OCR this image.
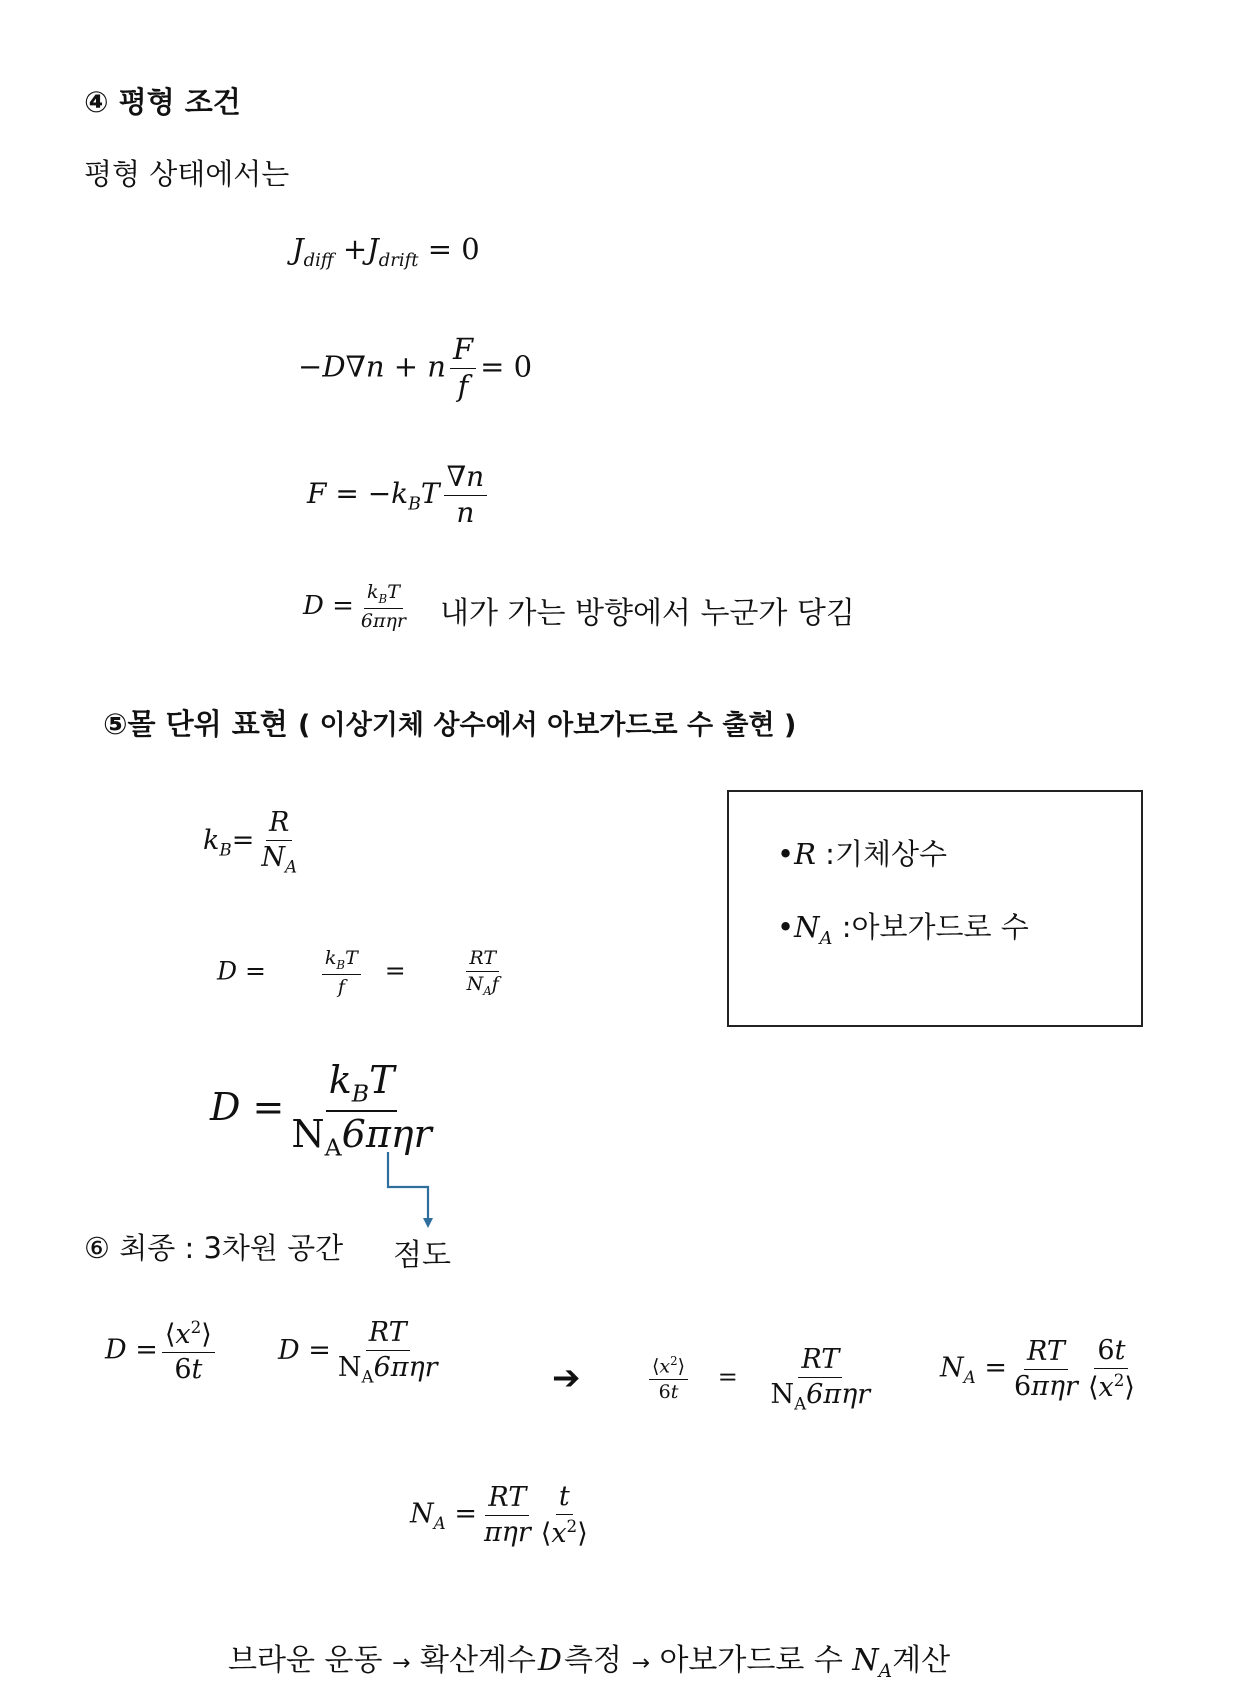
④ 평형 조건
평형 상태에서는
$J_{diff} +J_{drift} = 0$
−D∇n + n $\frac{F}{f} = 0$
$F = -k_BT \frac{\nabla n}{n}$
$D = \frac{k_BT}{\text{6πηr}}$ 내가 가는 방향에서 누군가 당김
⑤몰 단위 표현 ( 이상기체 상수에서 아보가드로 수 출현 )
$k_B= \frac{R}{N_A}$
D =	$\frac{k_BT}{f}$ =	$\frac{RT}{N_Af}$
•R :기체상수
$•N_A$ :아보가드로 수
$D = \frac{k_BT}{N_A6\pi\eta r}$
⑥ 최종 : 3차원 공간 점도
$D = \frac{⟨x^2⟩}{6t}$ $D = \frac{RT}{N_A6\pi\eta r}$	➔	$\frac{⟨x^2⟩}{6t} = \frac{RT}{N_A6\pi\eta r} N_A = \frac{RT}{\text{6πηr}} \frac{6t}{⟨x^2⟩}$
$N_A = \frac{RT}{\text{πηr}} \frac{t}{⟨x^2⟩}$
브라운 운동 → 확산계수D측정 → 아보가드로 수 $N_A$계산
